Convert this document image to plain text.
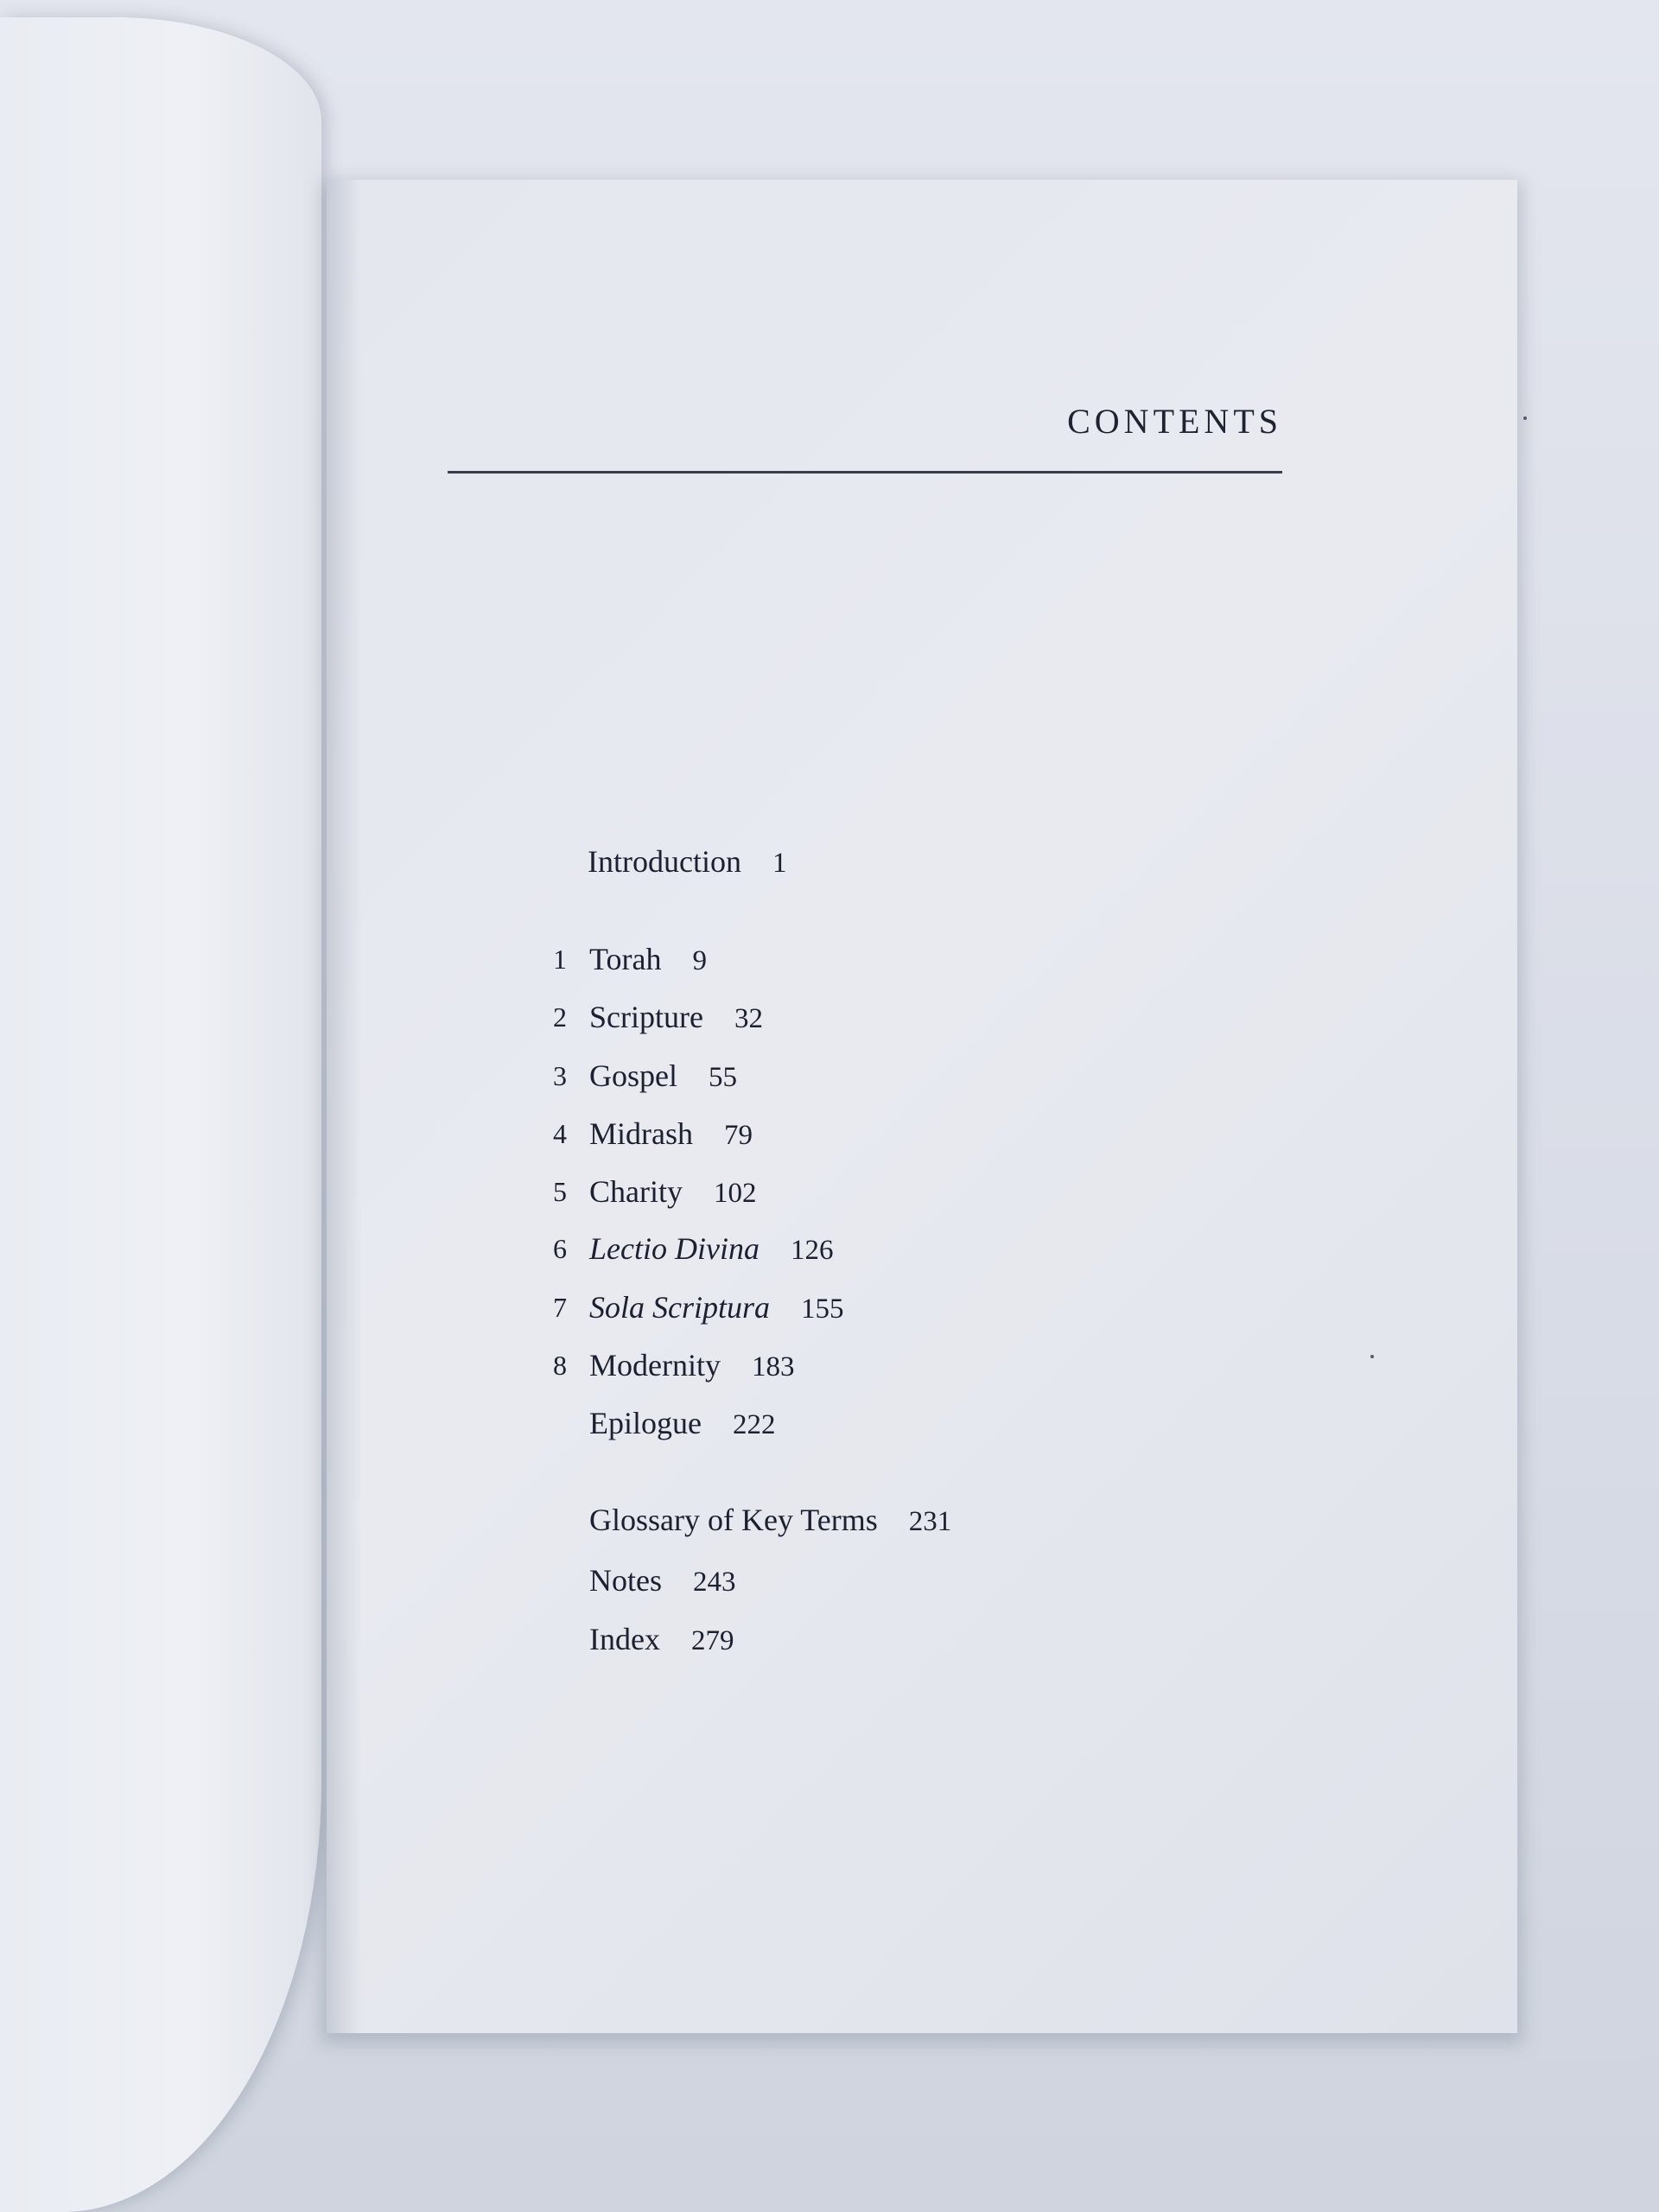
CONTENTS
Introduction 1
1 Torah 9
2 Scripture 32
3 Gospel 55
4 Midrash 79
5 Charity 102
6 Lectio Divina 126
7 Sola Scriptura 155
8 Modernity 183
Epilogue 222
Glossary of Key Terms 231
Notes 243
Index 279
